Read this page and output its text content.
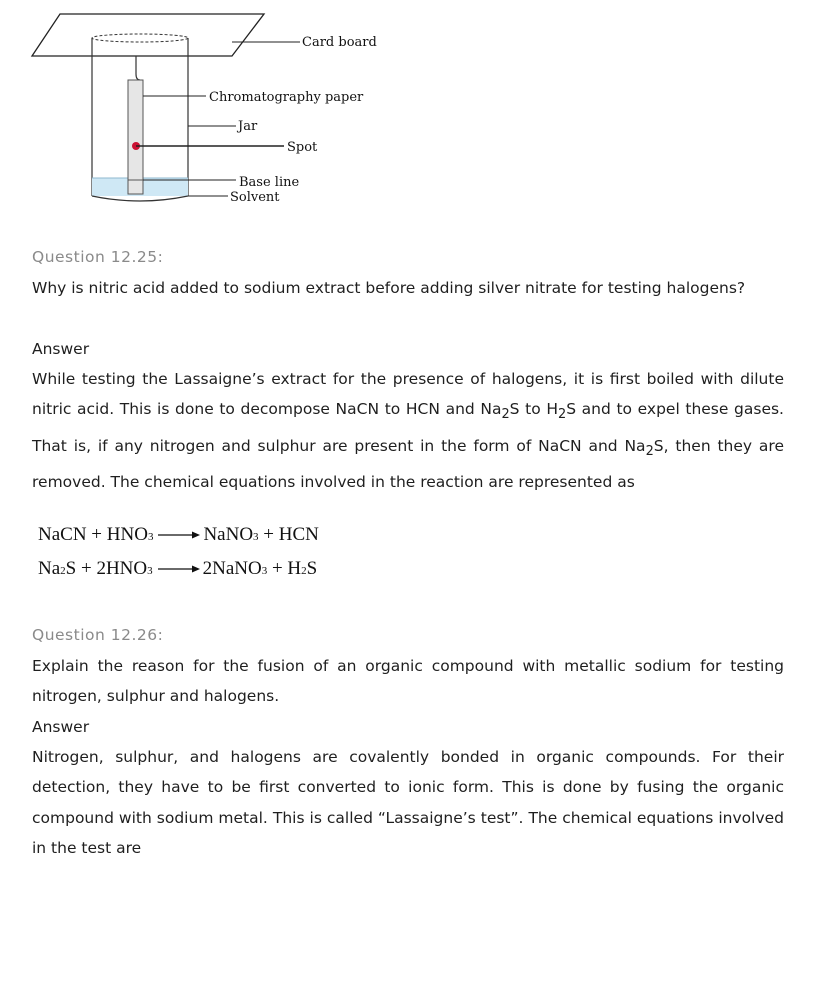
Card board
Chromatography paper
Jar
Spot
Base line
Solvent
Question 12.25:

Why is nitric acid added to sodium extract before adding silver nitrate for testing halogens?

Answer

While testing the Lassaigne’s extract for the presence of halogens, it is first boiled with dilute nitric acid. This is done to decompose NaCN to HCN and $Na_2S$ to $H_2S$ and to expel these gases. That is, if any nitrogen and sulphur are present in the form of NaCN and $Na_2S$, then they are removed. The chemical equations involved in the reaction are represented as

NaCN + HNO 3 → NaNO 3 + HCN
Na 2 S + 2HNO 3 → 2NaNO 3 + H 2 S
Question 12.26:

Explain the reason for the fusion of an organic compound with metallic sodium for testing nitrogen, sulphur and halogens.

Answer

Nitrogen, sulphur, and halogens are covalently bonded in organic compounds. For their detection, they have to be first converted to ionic form. This is done by fusing the organic compound with sodium metal. This is called “Lassaigne’s test”. The chemical equations involved in the test are
